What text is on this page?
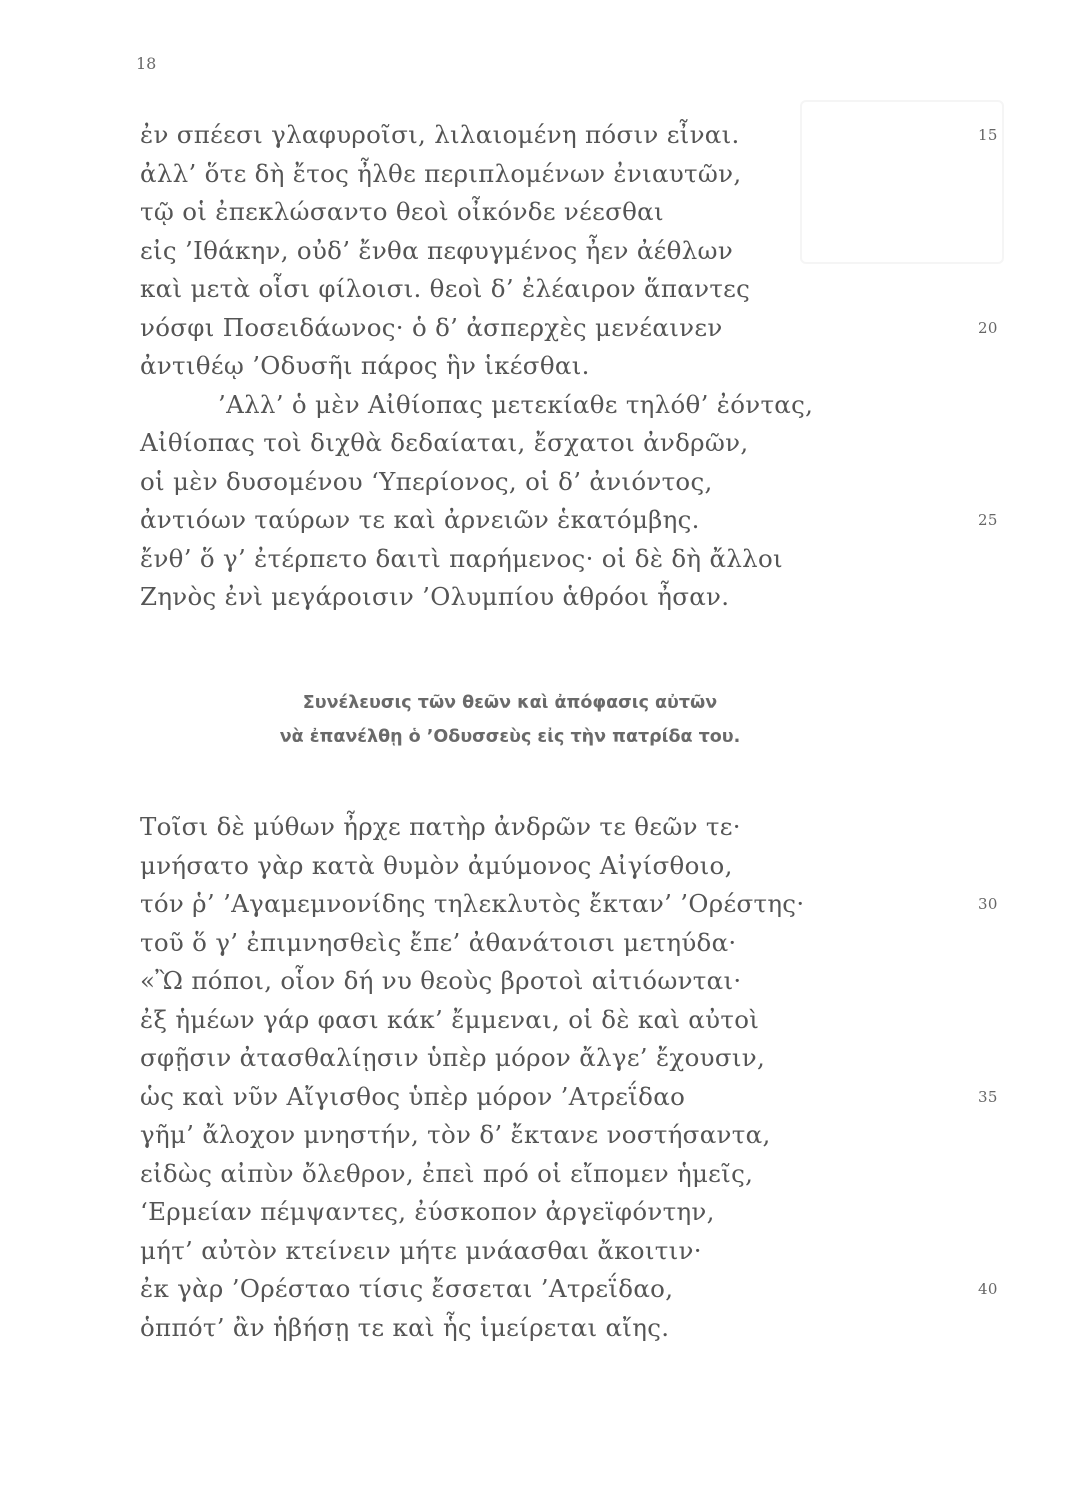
18
ἐν σπέεσι γλαφυροῖσι, λιλαιομένη πόσιν εἶναι.	15
ἀλλ’ ὅτε δὴ ἔτος ἦλθε περιπλομένων ἐνιαυτῶν,
τῷ οἱ ἐπεκλώσαντο θεοὶ οἶκόνδε νέεσθαι
εἰς ’Ιθάκην, οὐδ’ ἔνθα πεφυγμένος ἦεν ἀέθλων
καὶ μετὰ οἷσι φίλοισι. θεοὶ δ’ ἐλέαιρον ἅπαντες
νόσφι Ποσειδάωνος· ὁ δ’ ἀσπερχὲς μενέαινεν	20
ἀντιθέῳ ’Οδυσῆι πάρος ἣν ἱκέσθαι.
’Αλλ’ ὁ μὲν Αἰθίοπας μετεκίαθε τηλόθ’ ἐόντας,
Αἰθίοπας τοὶ διχθὰ δεδαίαται, ἔσχατοι ἀνδρῶν,
οἱ μὲν δυσομένου ‘Υπερίονος, οἱ δ’ ἀνιόντος,
ἀντιόων ταύρων τε καὶ ἀρνειῶν ἑκατόμβης.	25
ἔνθ’ ὅ γ’ ἐτέρπετο δαιτὶ παρήμενος· οἱ δὲ δὴ ἄλλοι
Ζηνὸς ἐνὶ μεγάροισιν ’Ολυμπίου ἁθρόοι ἦσαν.
Συνέλευσις τῶν θεῶν καὶ ἀπόφασις αὐτῶν
νὰ ἐπανέλθῃ ὁ ’Οδυσσεὺς εἰς τὴν πατρίδα του.
Τοῖσι δὲ μύθων ἦρχε πατὴρ ἀνδρῶν τε θεῶν τε·
μνήσατο γὰρ κατὰ θυμὸν ἀμύμονος Αἰγίσθοιο,
τόν ῥ’ ’Αγαμεμνονίδης τηλεκλυτὸς ἔκταν’ ’Ορέστης·	30
τοῦ ὅ γ’ ἐπιμνησθεὶς ἔπε’ ἀθανάτοισι μετηύδα·
«Ὢ πόποι, οἷον δή νυ θεοὺς βροτοὶ αἰτιόωνται·
ἐξ ἡμέων γάρ φασι κάκ’ ἔμμεναι, οἱ δὲ καὶ αὐτοὶ
σφῇσιν ἀτασθαλίῃσιν ὑπὲρ μόρον ἄλγε’ ἔχουσιν,
ὡς καὶ νῦν Αἴγισθος ὑπὲρ μόρον ’Ατρεΐδαο	35
γῆμ’ ἄλοχον μνηστήν, τὸν δ’ ἔκτανε νοστήσαντα,
εἰδὼς αἰπὺν ὄλεθρον, ἐπεὶ πρό οἱ εἴπομεν ἡμεῖς,
‘Ερμείαν πέμψαντες, ἐύσκοπον ἀργεϊφόντην,
μήτ’ αὐτὸν κτείνειν μήτε μνάασθαι ἄκοιτιν·
ἐκ γὰρ ’Ορέσταο τίσις ἔσσεται ’Ατρεΐδαο,	40
ὁππότ’ ἂν ἡβήσῃ τε καὶ ἧς ἱμείρεται αἴης.
